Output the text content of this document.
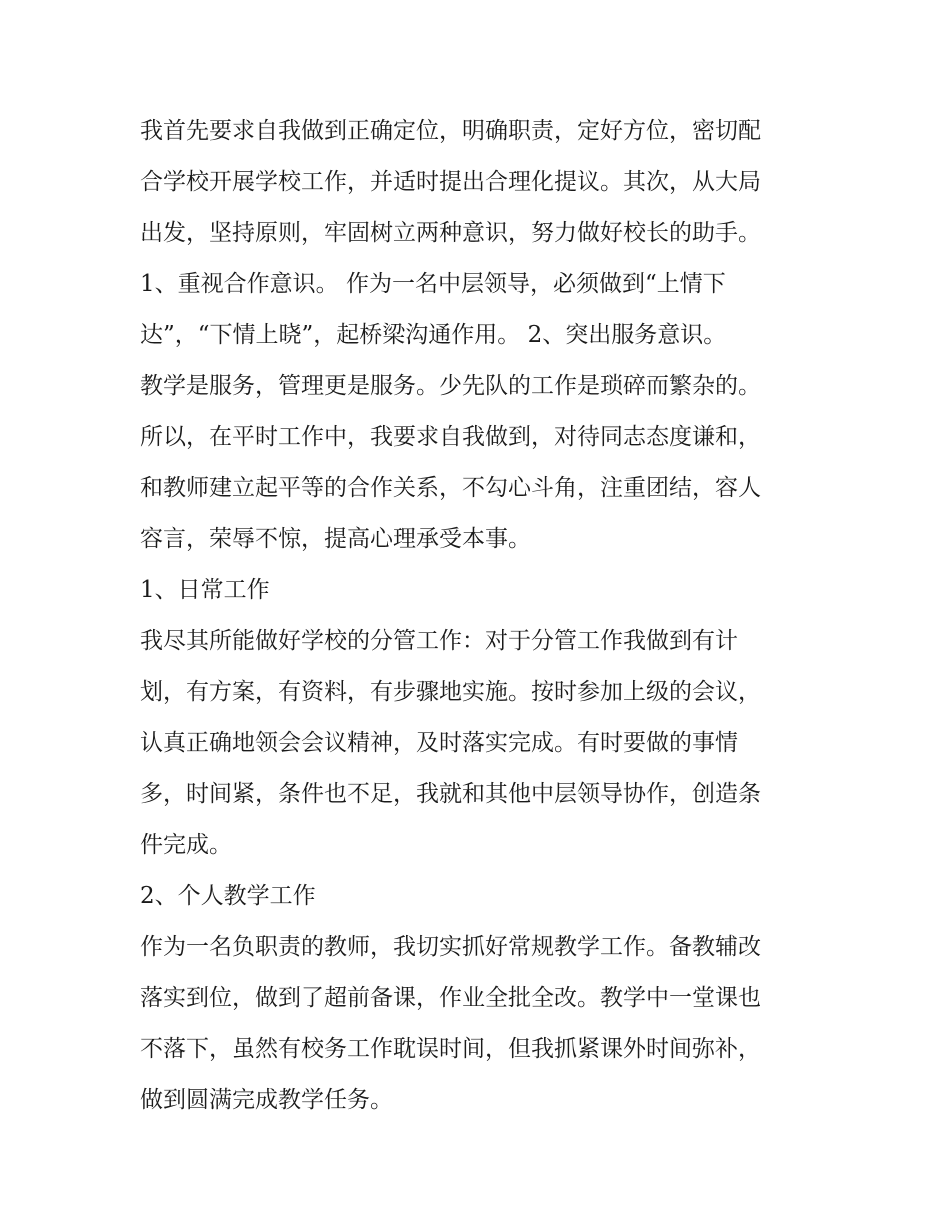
我首先要求自我做到正确定位，明确职责，定好方位，密切配
合学校开展学校工作，并适时提出合理化提议。其次，从大局
出发，坚持原则，牢固树立两种意识，努力做好校长的助手。
1、重视合作意识。 作为一名中层领导，必须做到“上情下
达”，“下情上晓”，起桥梁沟通作用。 2、突出服务意识。
教学是服务，管理更是服务。少先队的工作是琐碎而繁杂的。
所以，在平时工作中，我要求自我做到，对待同志态度谦和，
和教师建立起平等的合作关系，不勾心斗角，注重团结，容人
容言，荣辱不惊，提高心理承受本事。
1、日常工作
我尽其所能做好学校的分管工作：对于分管工作我做到有计
划，有方案，有资料，有步骤地实施。按时参加上级的会议，
认真正确地领会会议精神，及时落实完成。有时要做的事情
多，时间紧，条件也不足，我就和其他中层领导协作，创造条
件完成。
2、个人教学工作
作为一名负职责的教师，我切实抓好常规教学工作。备教辅改
落实到位，做到了超前备课，作业全批全改。教学中一堂课也
不落下，虽然有校务工作耽误时间，但我抓紧课外时间弥补，
做到圆满完成教学任务。
